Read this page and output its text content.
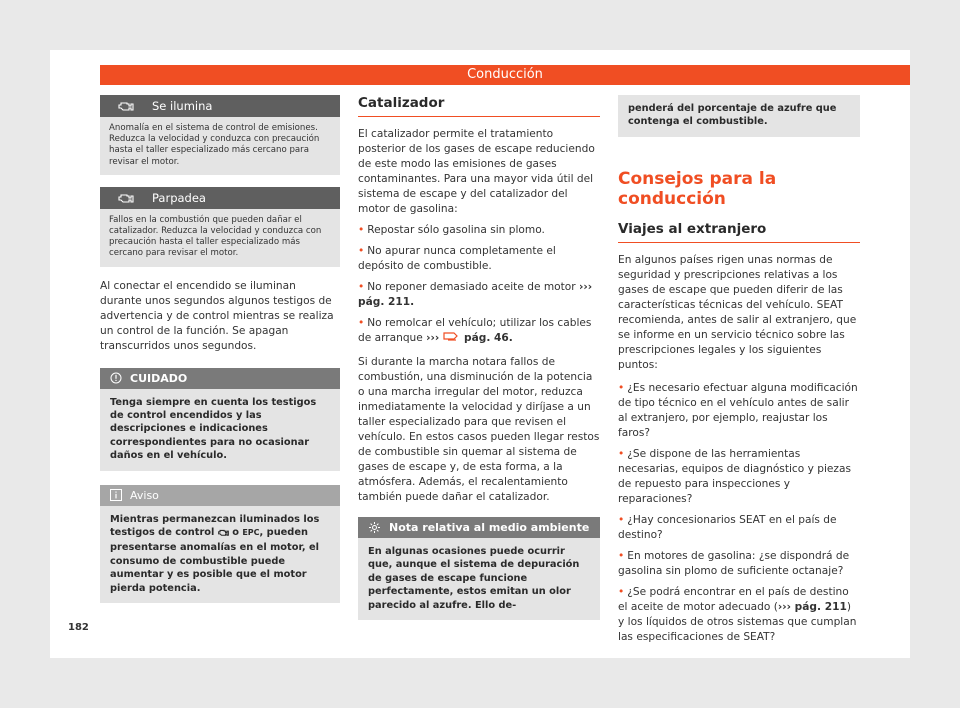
Conducción
Se ilumina
Anomalía en el sistema de control de emisiones. Reduzca la velocidad y conduzca con precaución hasta el taller especializado más cercano para revisar el motor.
Parpadea
Fallos en la combustión que pueden dañar el catalizador. Reduzca la velocidad y conduzca con precaución hasta el taller especializado más cercano para revisar el motor.

Al conectar el encendido se iluminan durante unos segundos algunos testigos de advertencia y de control mientras se realiza un control de la función. Se apagan transcurridos unos segundos.

CUIDADO
Tenga siempre en cuenta los testigos de control encendidos y las descripciones e indicaciones correspondientes para no ocasionar daños en el vehículo.
Aviso
Mientras permanezcan iluminados los testigos de control  o EPC, pueden presentarse anomalías en el motor, el consumo de combustible puede aumentar y es posible que el motor pierda potencia.
Catalizador

El catalizador permite el tratamiento posterior de los gases de escape reduciendo de este modo las emisiones de gases contaminantes. Para una mayor vida útil del sistema de escape y del catalizador del motor de gasolina:

• Repostar sólo gasolina sin plomo.
• No apurar nunca completamente el depósito de combustible.
• No reponer demasiado aceite de motor ››› pág. 211.
• No remolcar el vehículo; utilizar los cables de arranque ››› pág. 46.

Si durante la marcha notara fallos de combustión, una disminución de la potencia o una marcha irregular del motor, reduzca inmediatamente la velocidad y diríjase a un taller especializado para que revisen el vehículo. En estos casos pueden llegar restos de combustible sin quemar al sistema de gases de escape y, de esta forma, a la atmósfera. Además, el recalentamiento también puede dañar el catalizador.

Nota relativa al medio ambiente
En algunas ocasiones puede ocurrir que, aunque el sistema de depuración de gases de escape funcione perfectamente, estos emitan un olor parecido al azufre. Ello de-
penderá del porcentaje de azufre que contenga el combustible.
Consejos para la conducción
Viajes al extranjero

En algunos países rigen unas normas de seguridad y prescripciones relativas a los gases de escape que pueden diferir de las características técnicas del vehículo. SEAT recomienda, antes de salir al extranjero, que se informe en un servicio técnico sobre las prescripciones legales y los siguientes puntos:

• ¿Es necesario efectuar alguna modificación de tipo técnico en el vehículo antes de salir al extranjero, por ejemplo, reajustar los faros?
• ¿Se dispone de las herramientas necesarias, equipos de diagnóstico y piezas de repuesto para inspecciones y reparaciones?
• ¿Hay concesionarios SEAT en el país de destino?
• En motores de gasolina: ¿se dispondrá de gasolina sin plomo de suficiente octanaje?
• ¿Se podrá encontrar en el país de destino el aceite de motor adecuado (››› pág. 211) y los líquidos de otros sistemas que cumplan las especificaciones de SEAT?
182
